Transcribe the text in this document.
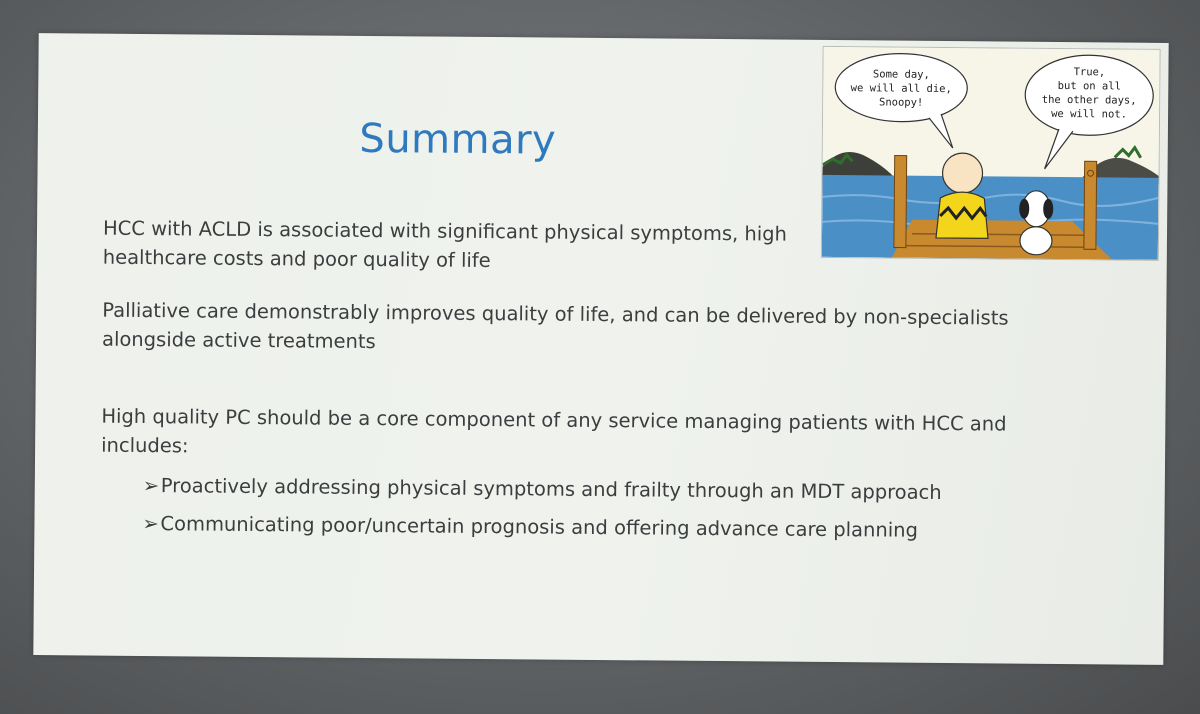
Summary
HCC with ACLD is associated with significant physical symptoms, high healthcare costs and poor quality of life
Palliative care demonstrably improves quality of life, and can be delivered by non-specialists alongside active treatments
High quality PC should be a core component of any service managing patients with HCC and includes:
➢ Proactively addressing physical symptoms and frailty through an MDT approach
➢ Communicating poor/uncertain prognosis and offering advance care planning
Some day,
we will all die,
Snoopy!
True,
but on all
the other days,
we will not.
